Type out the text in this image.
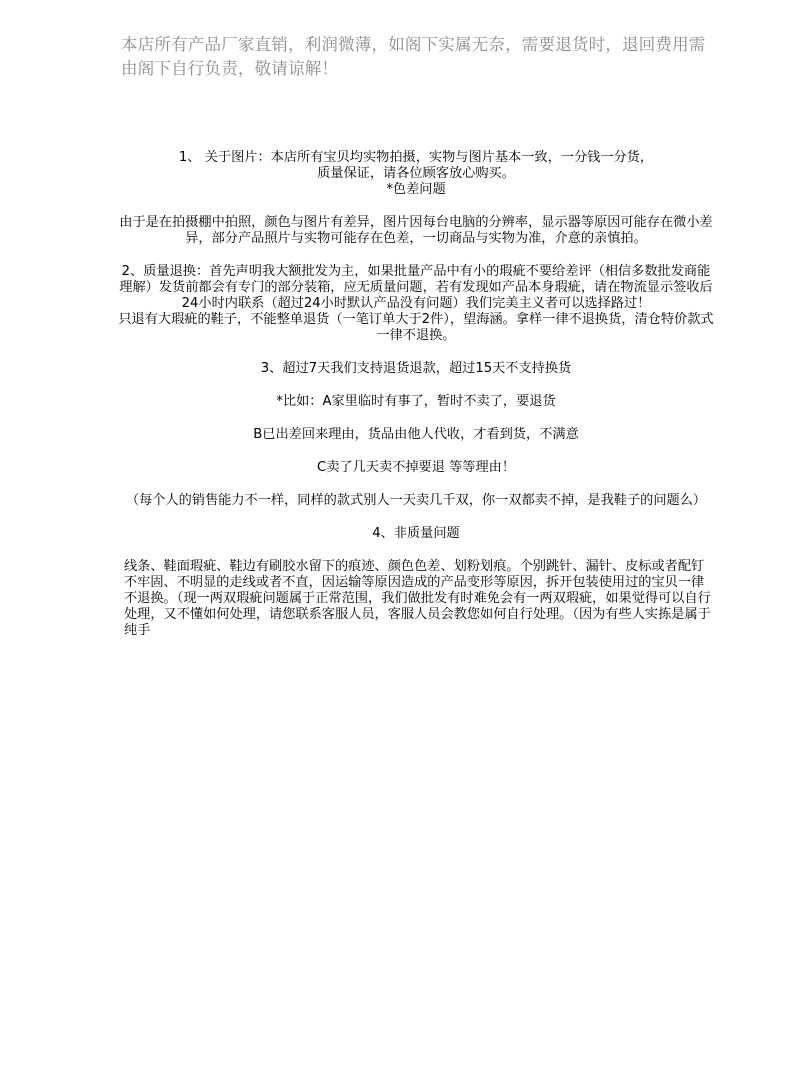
本店所有产品厂家直销，利润微薄，如阁下实属无奈，需要退货时，退回费用需由阁下自行负责，敬请谅解！

1、 关于图片：本店所有宝贝均实物拍摄，实物与图片基本一致，一分钱一分货，

质量保证，请各位顾客放心购买。

*色差问题

由于是在拍摄棚中拍照，颜色与图片有差异，图片因每台电脑的分辨率，显示器等原因可能存在微小差异，部分产品照片与实物可能存在色差，一切商品与实物为准，介意的亲慎拍。

2、质量退换：首先声明我大额批发为主，如果批量产品中有小的瑕疵不要给差评（相信多数批发商能理解）发货前都会有专门的部分装箱，应无质量问题，若有发现如产品本身瑕疵，请在物流显示签收后24小时内联系（超过24小时默认产品没有问题）我们完美主义者可以选择路过！

只退有大瑕疵的鞋子，不能整单退货（一笔订单大于2件），望海涵。拿样一律不退换货，清仓特价款式一律不退换。

3、超过7天我们支持退货退款，超过15天不支持换货

*比如：A家里临时有事了，暂时不卖了，要退货

B已出差回来理由，货品由他人代收，才看到货，不满意

C卖了几天卖不掉要退 等等理由！

（每个人的销售能力不一样，同样的款式别人一天卖几千双，你一双都卖不掉，是我鞋子的问题么）

4、非质量问题

线条、鞋面瑕疵、鞋边有刷胶水留下的痕迹、颜色色差、划粉划痕。个别跳针、漏针、皮标或者配钉不牢固、不明显的走线或者不直，因运输等原因造成的产品变形等原因，拆开包装使用过的宝贝一律不退换。（现一两双瑕疵问题属于正常范围，我们做批发有时难免会有一两双瑕疵，如果觉得可以自行处理，又不懂如何处理，请您联系客服人员，客服人员会教您如何自行处理。（因为有些人实拣是属于纯手
